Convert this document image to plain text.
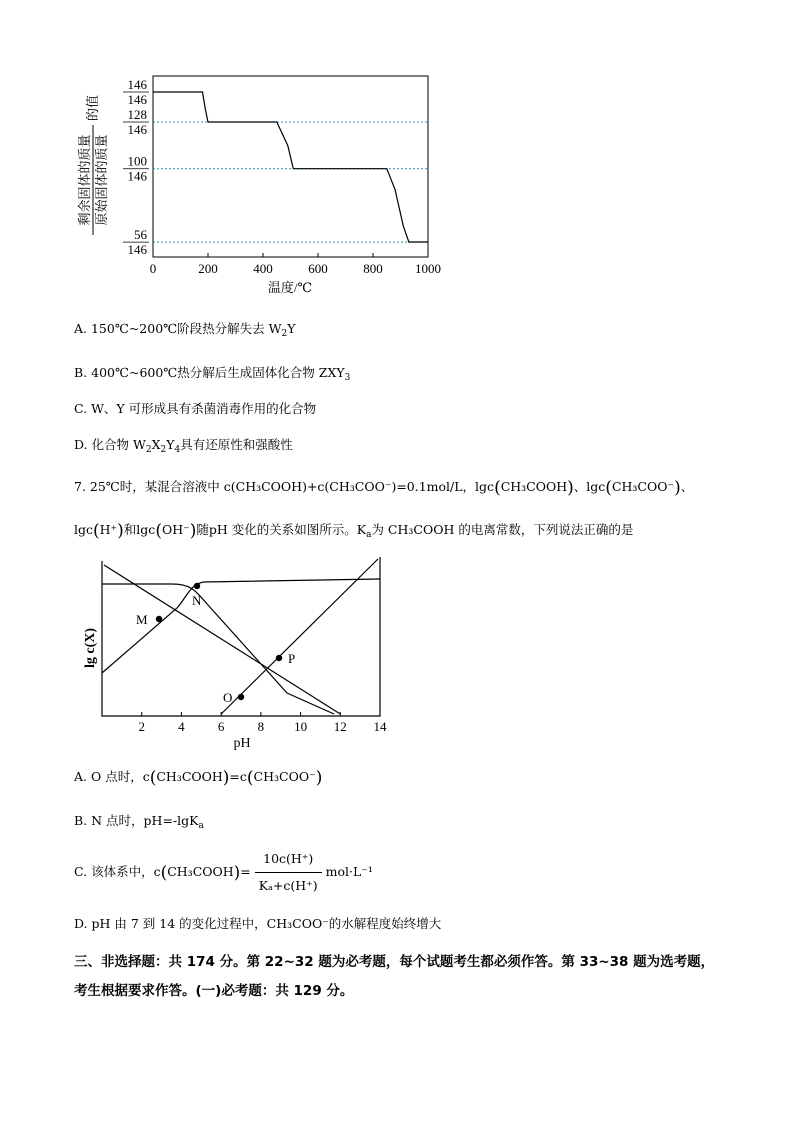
剩余固体的质量 原始固体的质量
的值
146
146
128
146
100
146
56
146
0	200	400	600	800 1000
温度/℃
A. 150℃~200℃阶段热分解失去 $W_2Y$
B. 400℃~600℃热分解后生成固体化合物 $ZXY_3$
C. W、Y 可形成具有杀菌消毒作用的化合物
D. 化合物 $W_2X_2Y_4$具有还原性和强酸性
7. 25℃时，某混合溶液中 c(CH₃COOH)+c(CH₃COO⁻)=0.1mol/L，lgc(CH₃COOH)、lgc(CH₃COO⁻)、
lgc(H⁺)和lgc(OH⁻)随pH 变化的关系如图所示。$K_a$为 CH₃COOH 的电离常数，下列说法正确的是
lg c(X)
2	4	6	8 10 12 14
M
N
O
P
pH
A. O 点时，c(CH₃COOH)=c(CH₃COO⁻)
B. N 点时，pH=-lgK$_a$
C. 该体系中，c(CH₃COOH)= $\frac{10c(H^+)}{\text{Kₐ+c(H⁺)}} mol\cdot L^{-1}$
D. pH 由 7 到 14 的变化过程中，CH₃COO⁻的水解程度始终增大
三、非选择题：共 174 分。第 22~32 题为必考题，每个试题考生都必须作答。第 33~38 题为选考题，考生根据要求作答。(一)必考题：共 129 分。
